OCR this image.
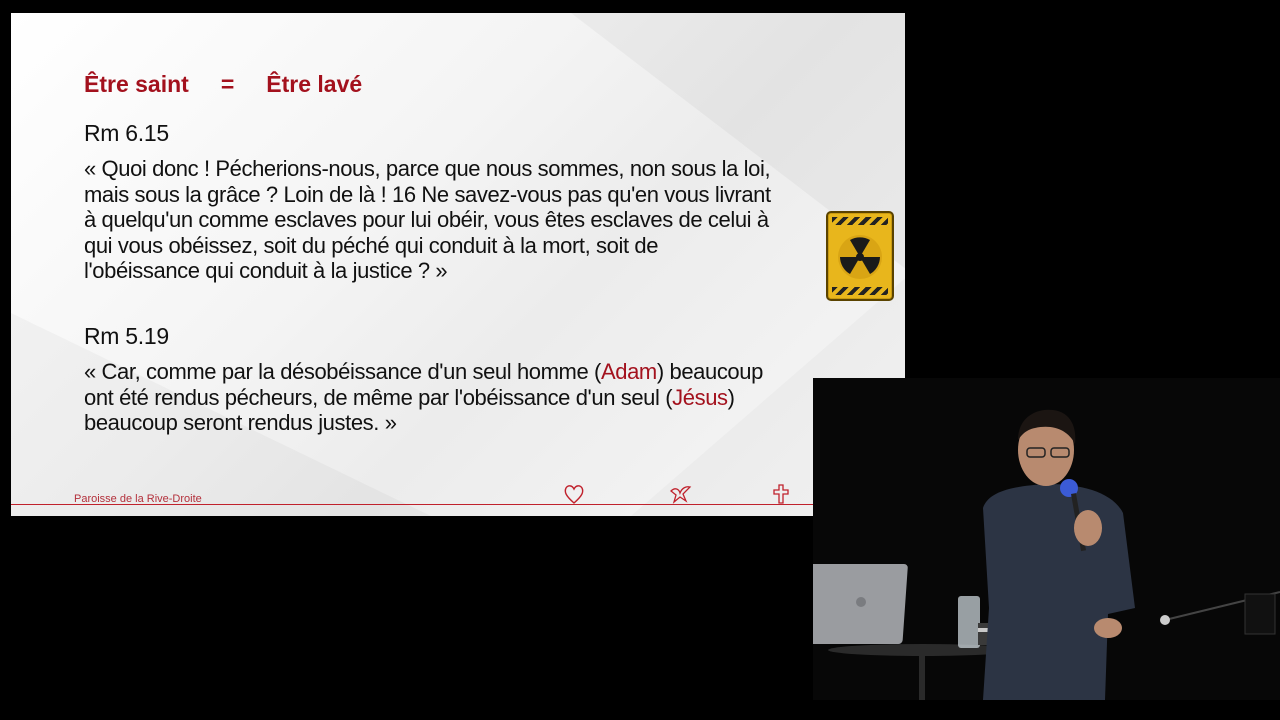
Être saint = Être lavé
Rm 6.15
« Quoi donc ! Pécherions-nous, parce que nous sommes, non sous la loi, mais sous la grâce ? Loin de là ! 16 Ne savez-vous pas qu'en vous livrant à quelqu'un comme esclaves pour lui obéir, vous êtes esclaves de celui à qui vous obéissez, soit du péché qui conduit à la mort, soit de l'obéissance qui conduit à la justice ? »
Rm 5.19
« Car, comme par la désobéissance d'un seul homme (Adam) beaucoup ont été rendus pécheurs, de même par l'obéissance d'un seul (Jésus) beaucoup seront rendus justes. »
Paroisse de la Rive-Droite
